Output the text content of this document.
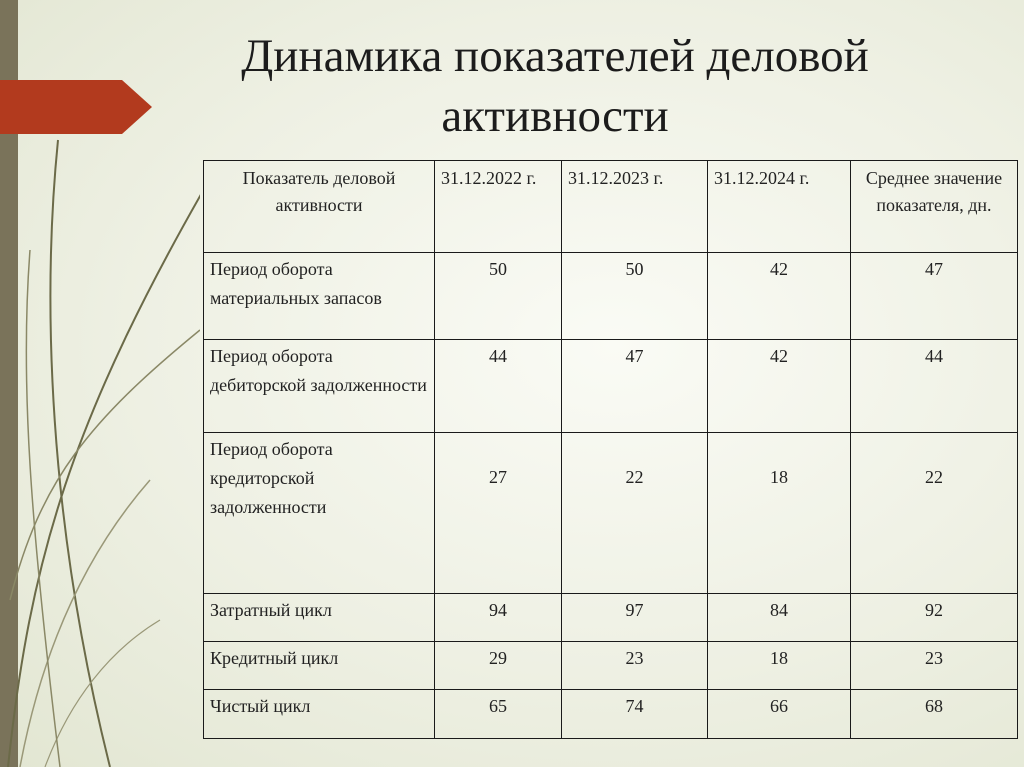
Динамика показателей деловой активности
Показатель деловой активности	31.12.2022 г.	31.12.2023 г.	31.12.2024 г.	Среднее значение показателя, дн.
Период оборота материальных запасов	50	50	42	47
Период оборота дебиторской задолженности	44	47	42	44
Период оборота кредиторской задолженности	27	22	18	22
Затратный цикл	94	97	84	92
Кредитный цикл	29	23	18	23
Чистый цикл	65	74	66	68
